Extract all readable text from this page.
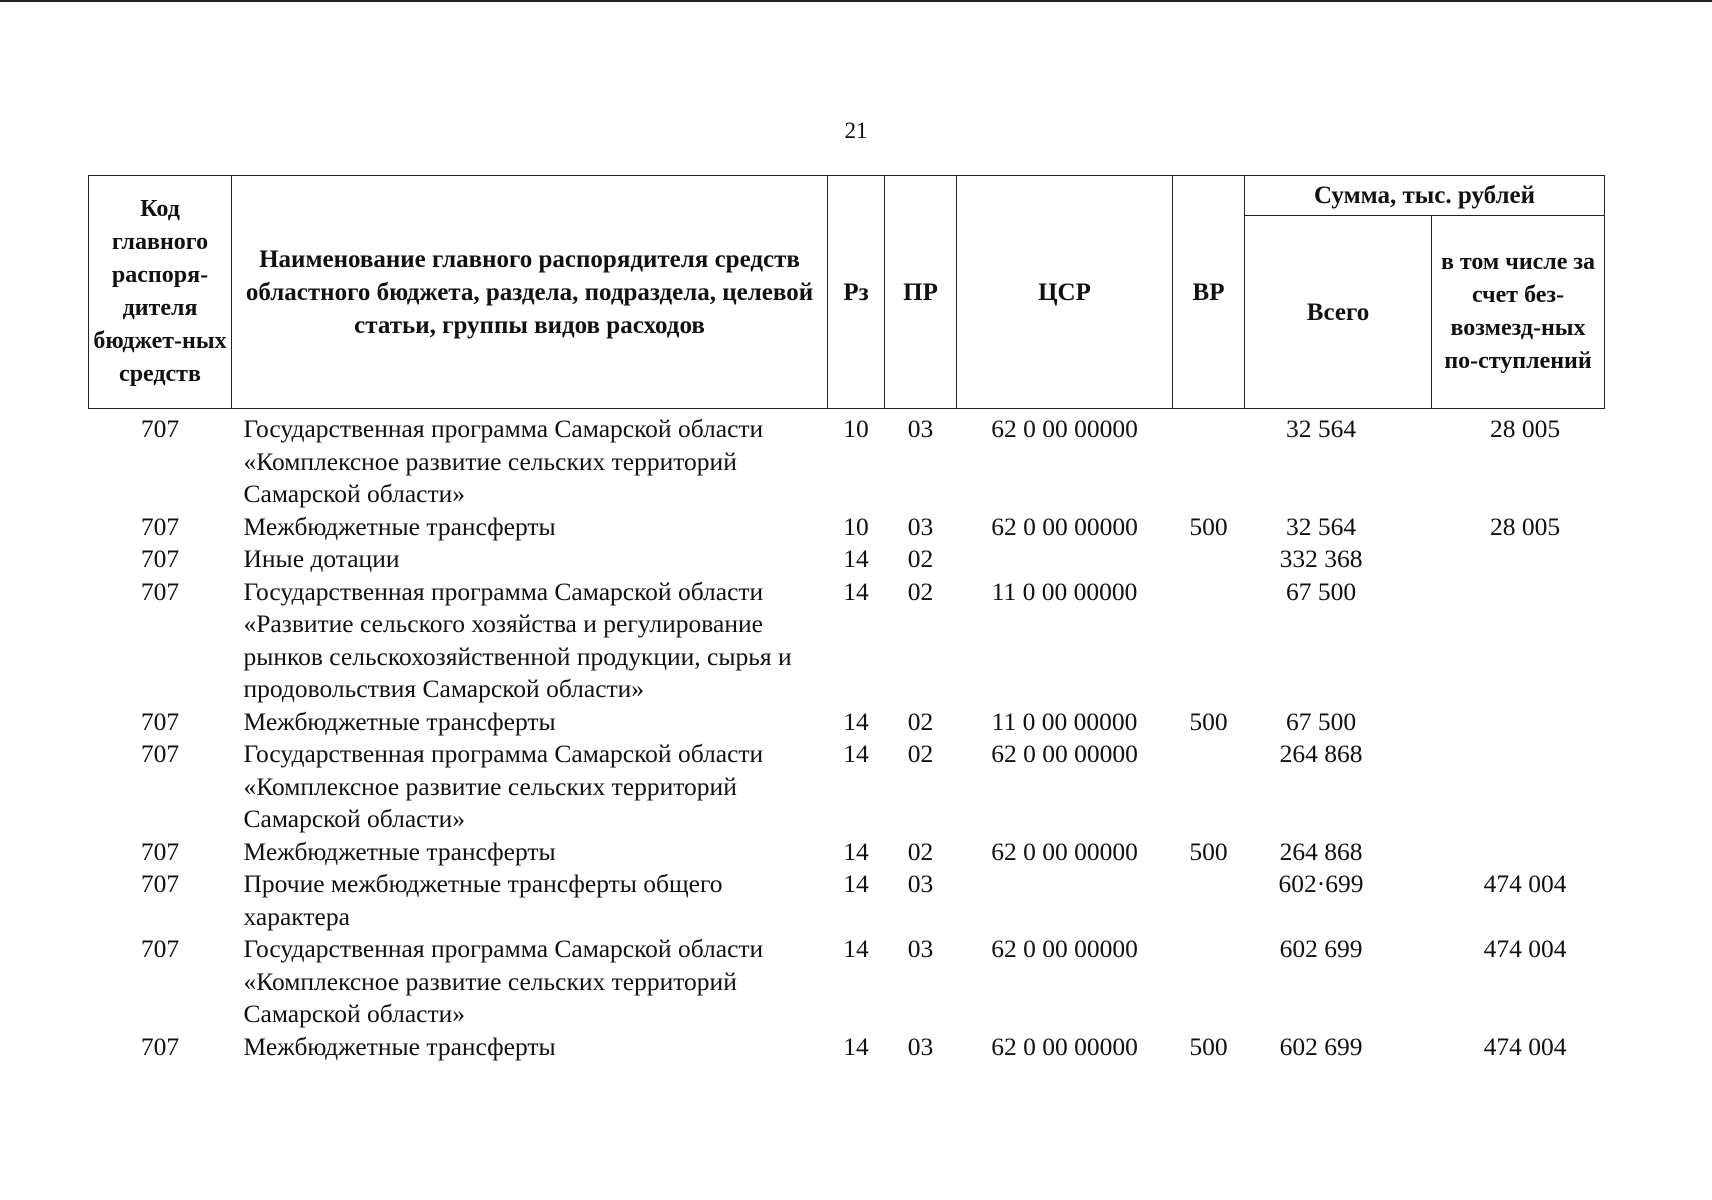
21
Код главного распоря-дителя бюджет-ных средств	Наименование главного распорядителя средств областного бюджета, раздела, подраздела, целевой статьи, группы видов расходов	Рз	ПР	ЦСР	ВР	Сумма, тыс. рублей	
						Всего	в том числе за счет без-возмезд-ных по-ступлений
707	Государственная программа Самарской области «Комплексное развитие сельских территорий Самарской области»	10	03	62 0 00 00000		32 564	28 005
707	Межбюджетные трансферты	10	03	62 0 00 00000	500	32 564	28 005
707	Иные дотации	14	02			332 368	
707	Государственная программа Самарской области «Развитие сельского хозяйства и регулирование рынков сельскохозяйственной продукции, сырья и продовольствия Самарской области»	14	02	11 0 00 00000		67 500	
707	Межбюджетные трансферты	14	02	11 0 00 00000	500	67 500	
707	Государственная программа Самарской области «Комплексное развитие сельских территорий Самарской области»	14	02	62 0 00 00000		264 868	
707	Межбюджетные трансферты	14	02	62 0 00 00000	500	264 868	
707	Прочие межбюджетные трансферты общего характера	14	03			602·699	474 004
707	Государственная программа Самарской области «Комплексное развитие сельских территорий Самарской области»	14	03	62 0 00 00000		602 699	474 004
707	Межбюджетные трансферты	14	03	62 0 00 00000	500	602 699	474 004
